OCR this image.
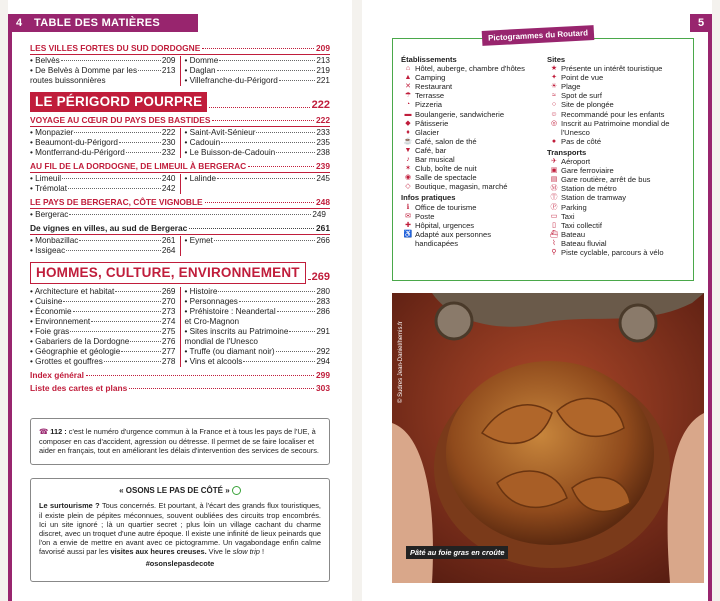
4	TABLE DES MATIÈRES
LES VILLES FORTES DU SUD DORDOGNE	209
• Belvès	209
• De Belvès à Domme par les
routes buissonnières
213
• Domme	213
• Daglan	219
• Villefranche-du-Périgord	221
LE PÉRIGORD POURPRE	222
VOYAGE AU CŒUR DU PAYS DES BASTIDES	222
• Monpazier	222
• Beaumont-du-Périgord	230
• Montferrand-du-Périgord	232
• Saint-Avit-Sénieur	233
• Cadouin	235
• Le Buisson-de-Cadouin	238
AU FIL DE LA DORDOGNE, DE LIMEUIL À BERGERAC	239
• Limeuil	240
• Trémolat	242
• Lalinde	245
LE PAYS DE BERGERAC, CÔTE VIGNOBLE	248
• Bergerac	249
De vignes en villes, au sud de Bergerac	261
• Monbazillac	261
• Issigeac	264
• Eymet	266
HOMMES, CULTURE, ENVIRONNEMENT	269
• Architecture et habitat	269
• Cuisine	270
• Économie	273
• Environnement	274
• Foie gras	275
• Gabariers de la Dordogne	276
• Géographie et géologie	277
• Grottes et gouffres	278
• Histoire	280
• Personnages	283
• Préhistoire : Neandertal
et Cro-Magnon
286
• Sites inscrits au Patrimoine
mondial de l'Unesco
291
• Truffe (ou diamant noir)	292
• Vins et alcools	294
Index général	299
Liste des cartes et plans	303
☎ 112 : c'est le numéro d'urgence commun à la France et à tous les pays de l'UE, à composer en cas d'accident, agression ou détresse. Il permet de se faire localiser et aider en français, tout en améliorant les délais d'intervention des services de secours.
« OSONS LE PAS DE CÔTÉ »

Le surtourisme ? Tous concernés. Et pourtant, à l'écart des grands flux touristiques, il existe plein de pépites méconnues, souvent oubliées des circuits trop encombrés. Ici un site ignoré ; là un quartier secret ; plus loin un village cachant du charme discret, avec un troquet d'une autre époque. Il existe une infinité de lieux peinards que l'on a envie de mettre en avant avec ce pictogramme. Un vagabondage enfin calme favorisé aussi par les visites aux heures creuses. Vive le slow trip !

#osonslepasdecote
5
Établissements
⌂ Hôtel, auberge, chambre d'hôtes
▲ Camping
✕ Restaurant
☂ Terrasse
◔ Pizzeria
▬ Boulangerie, sandwicherie
◆ Pâtisserie
♦ Glacier
☕ Café, salon de thé
▼ Café, bar
♪ Bar musical
✶ Club, boîte de nuit
◉ Salle de spectacle
◇ Boutique, magasin, marché
Infos pratiques
ℹ Office de tourisme
✉ Poste
✚ Hôpital, urgences
♿ Adapté aux personnes
handicapées
Sites
★ Présente un intérêt touristique
✦ Point de vue
☀ Plage
≈ Spot de surf
○ Site de plongée
☺ Recommandé pour les enfants
◎ Inscrit au Patrimoine mondial de
l'Unesco
● Pas de côté
Transports
✈ Aéroport
▣ Gare ferroviaire
▤ Gare routière, arrêt de bus
Ⓜ Station de métro
Ⓣ Station de tramway
Ⓟ Parking
▭ Taxi
▯ Taxi collectif
⛴ Bateau
⌇ Bateau fluvial
⚲ Piste cyclable, parcours à vélo
Pictogrammes du Routard
Pâté au foie gras en croûte
